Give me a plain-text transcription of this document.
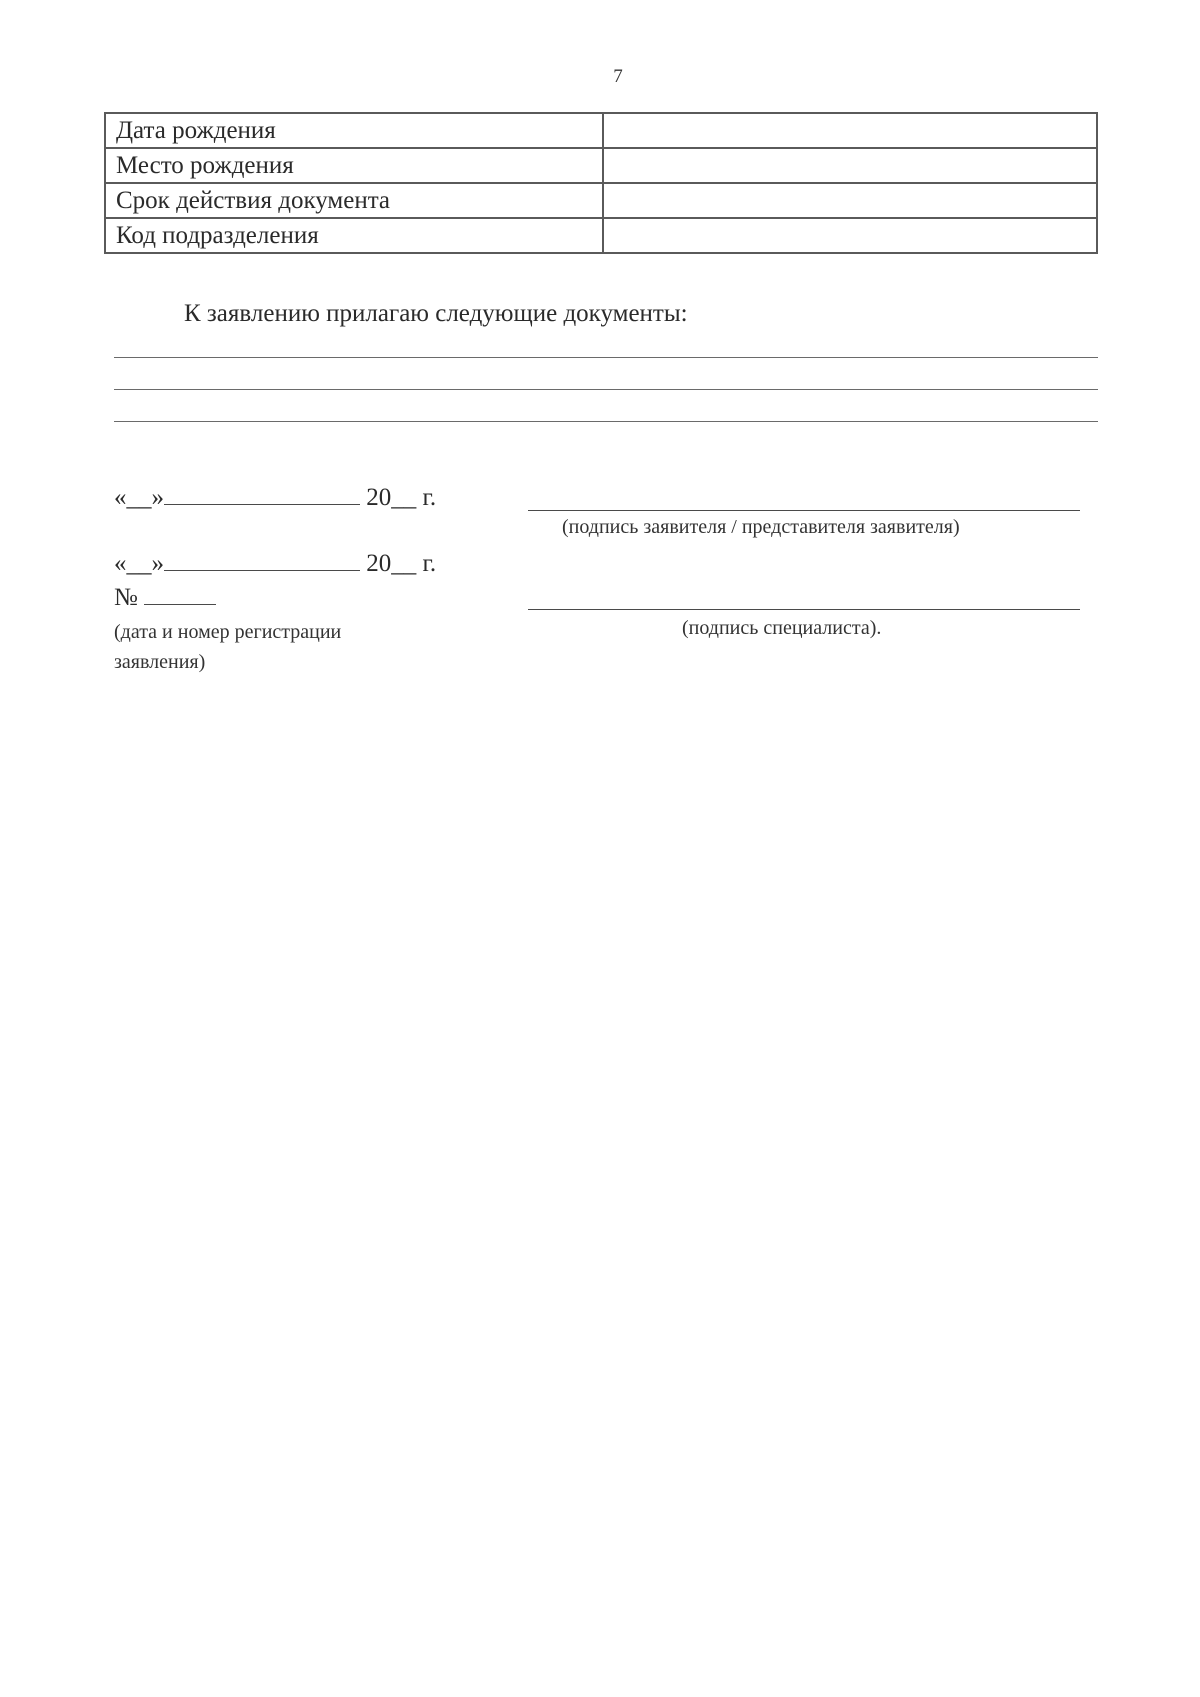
7
Дата рождения	
Место рождения	
Срок действия документа	
Код подразделения	
К заявлению прилагаю следующие документы:
«__»	20__ г.
(подпись заявителя / представителя заявителя)
«__»	20__ г.
№
(подпись специалиста).
(дата и номер регистрации
заявления)
